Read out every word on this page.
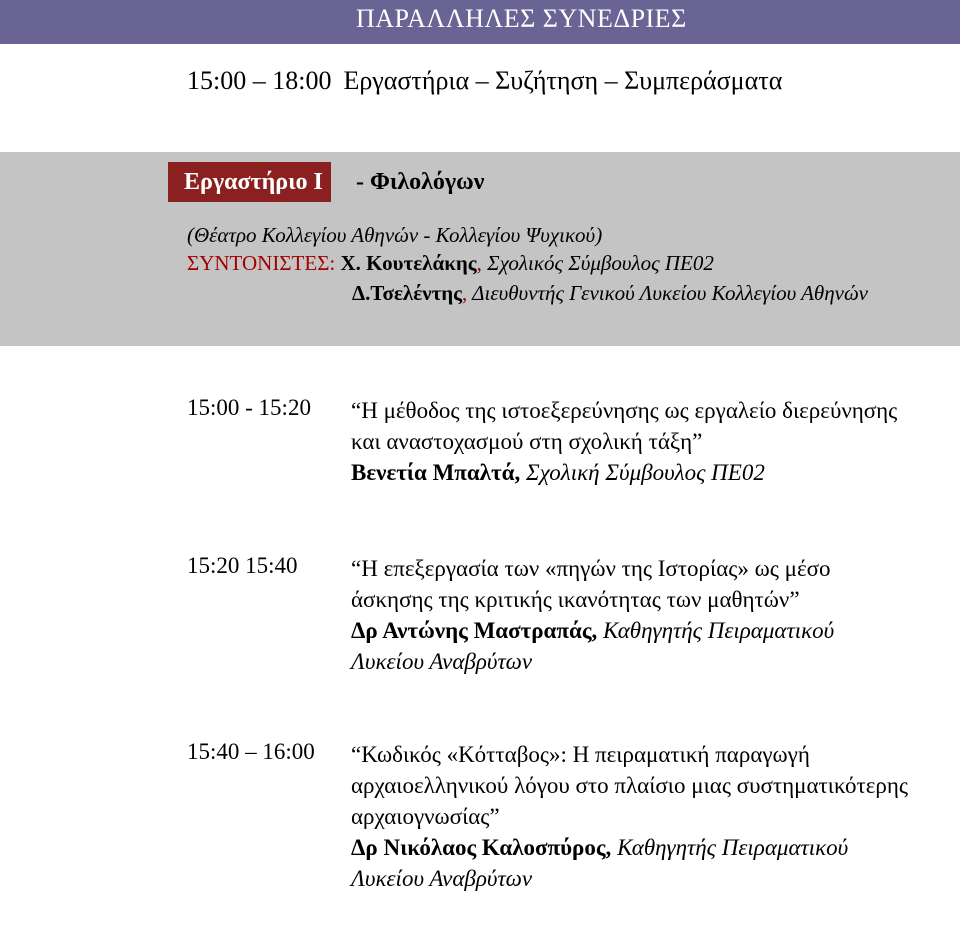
ΠΑΡΑΛΛΗΛΕΣ ΣΥΝΕΔΡΙΕΣ
15:00 – 18:00 Εργαστήρια – Συζήτηση – Συμπεράσματα
Εργαστήριο Ι	- Φιλολόγων
(Θέατρο Κολλεγίου Αθηνών - Κολλεγίου Ψυχικού)
ΣΥΝΤΟΝΙΣΤΕΣ: Χ. Κουτελάκης, Σχολικός Σύμβουλος ΠΕ02
Δ.Τσελέντης, Διευθυντής Γενικού Λυκείου Κολλεγίου Αθηνών
15:00 - 15:20 “Η μέθοδος της ιστοεξερεύνησης ως εργαλείο διερεύνησης και αναστοχασμού στη σχολική τάξη”
Βενετία Μπαλτά, Σχολική Σύμβουλος ΠΕ02
15:20 15:40 “Η επεξεργασία των «πηγών της Ιστορίας» ως μέσο άσκησης της κριτικής ικανότητας των μαθητών”
Δρ Αντώνης Μαστραπάς, Καθηγητής Πειραματικού Λυκείου Αναβρύτων
15:40 – 16:00 “Κωδικός «Κότταβος»: Η πειραματική παραγωγή αρχαιοελληνικού λόγου στο πλαίσιο μιας συστηματικότερης αρχαιογνωσίας”
Δρ Νικόλαος Καλοσπύρος, Καθηγητής Πειραματικού Λυκείου Αναβρύτων
